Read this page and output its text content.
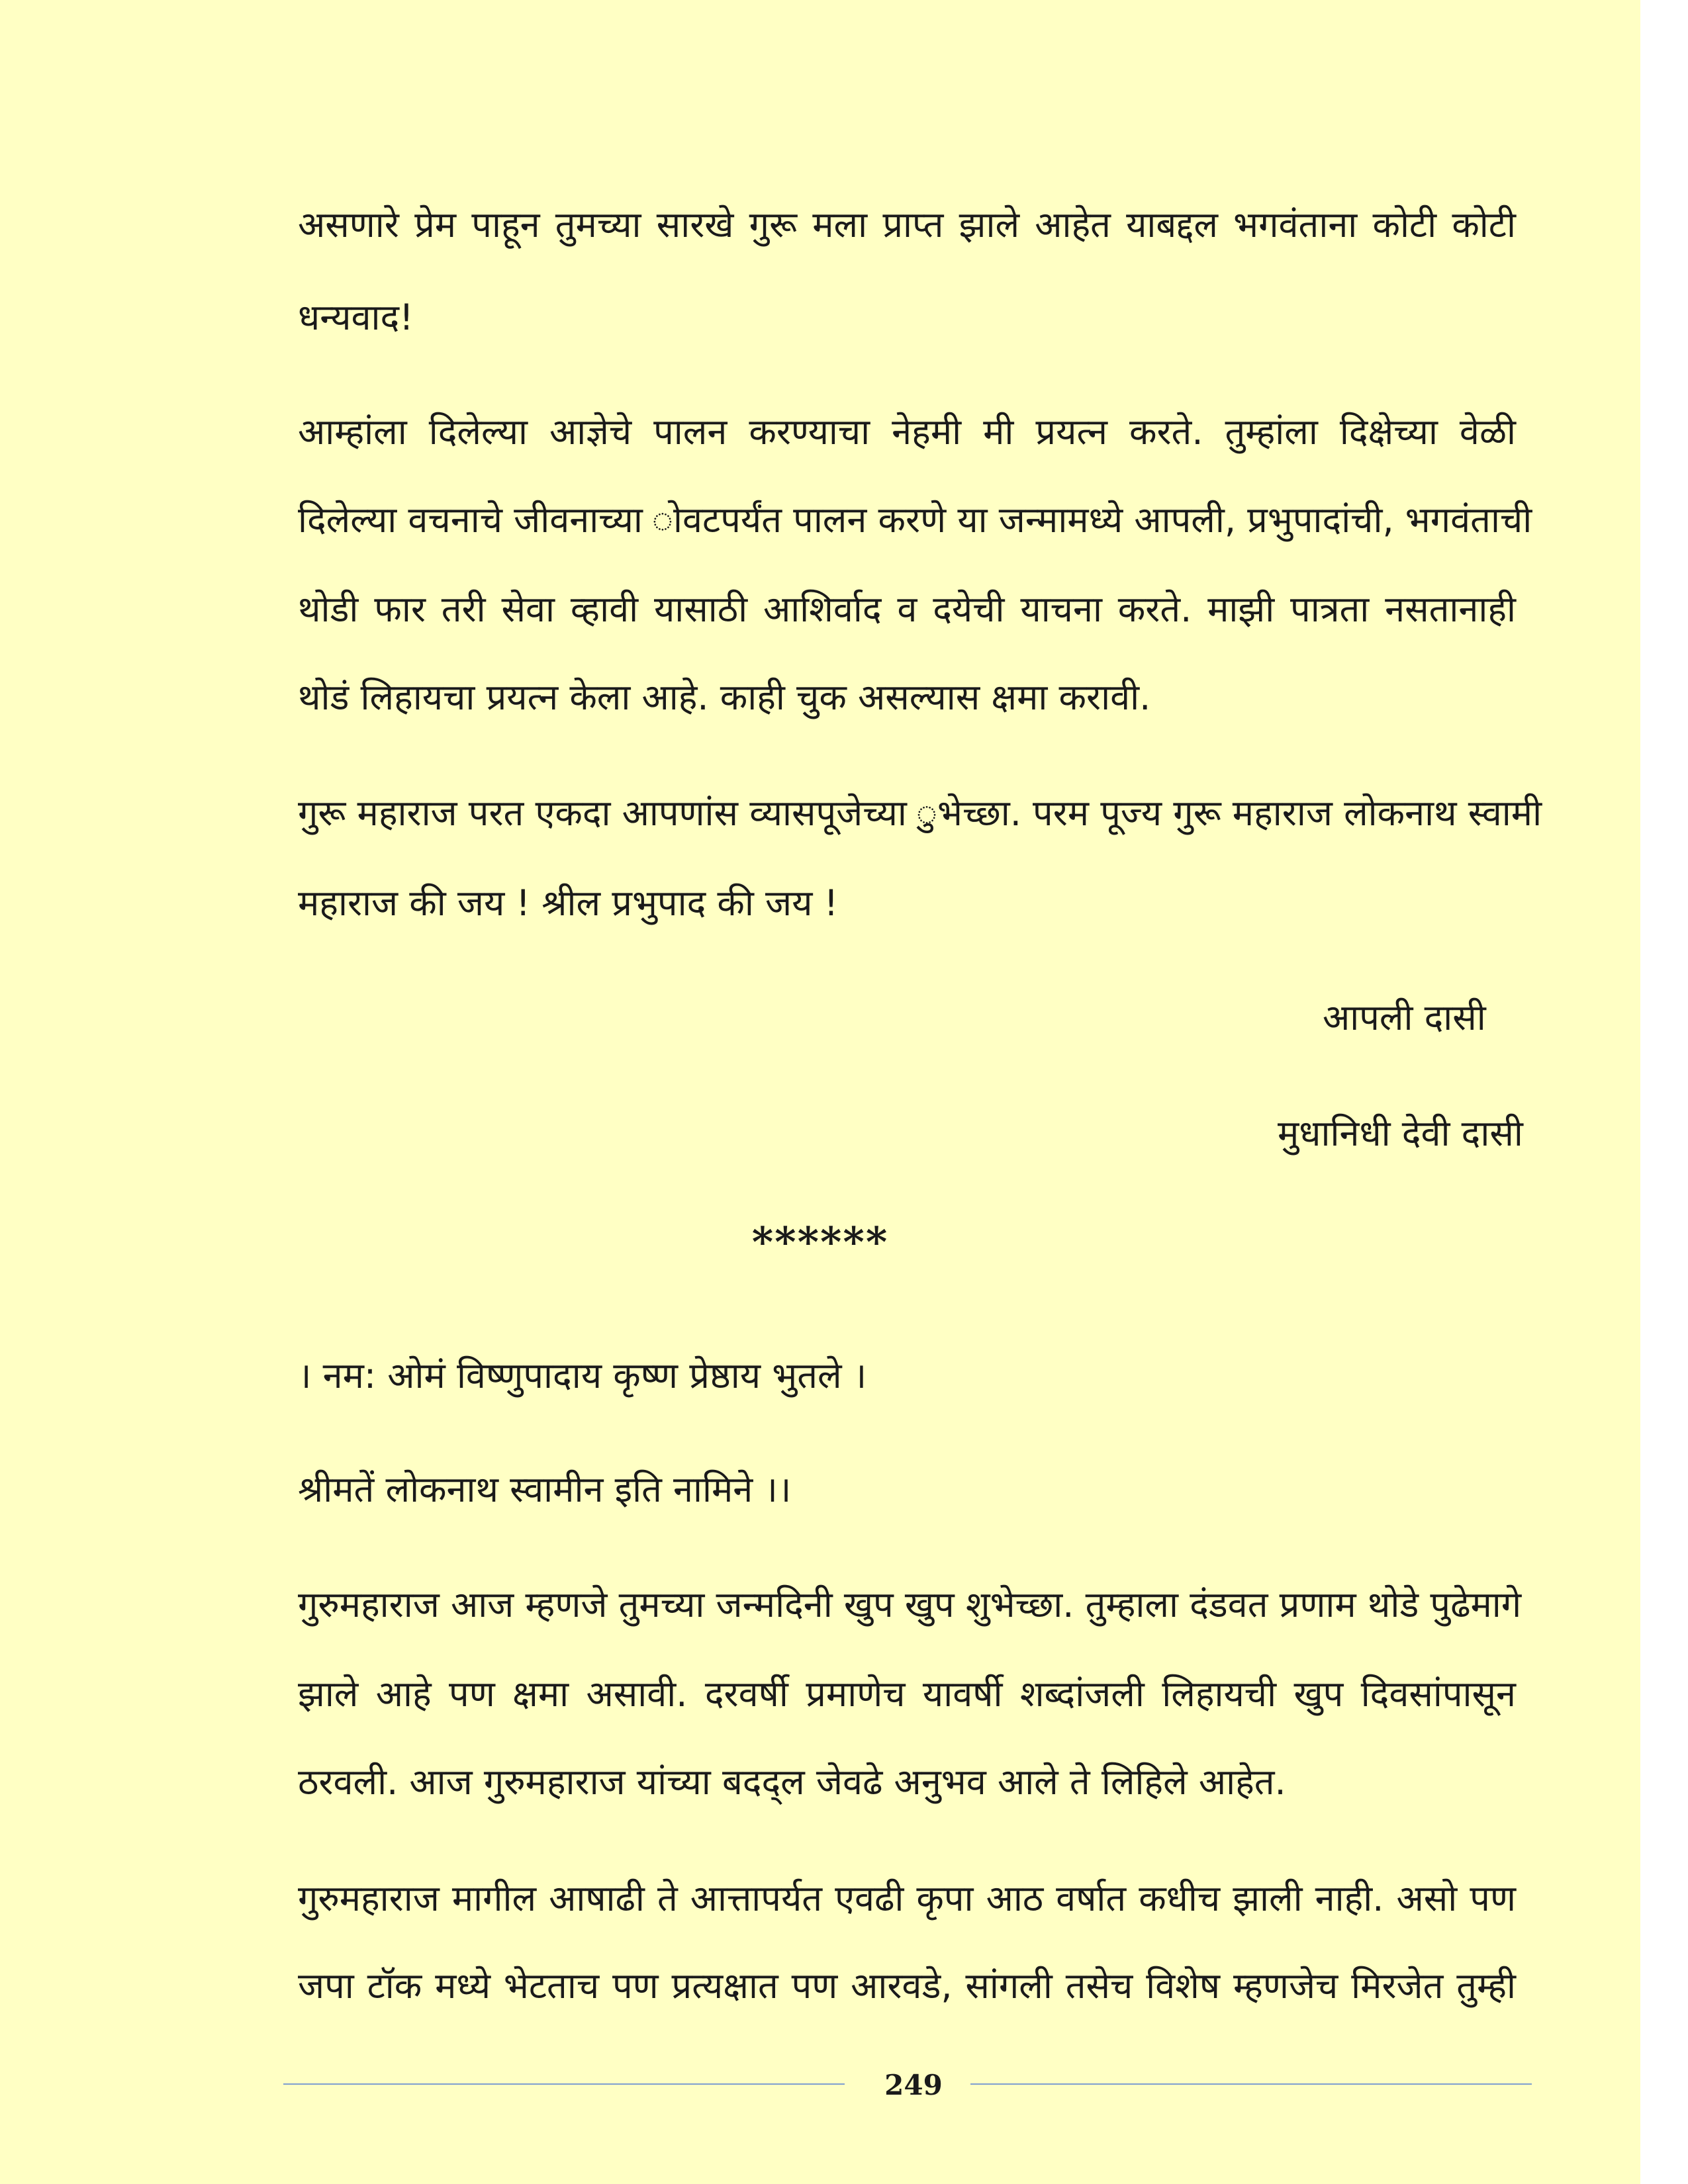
असणारे प्रेम पाहून तुमच्या सारखे गुरू मला प्राप्त झाले आहेत याबद्दल भगवंताना कोटी कोटी
धन्यवाद!
आम्हांला दिलेल्या आज्ञेचे पालन करण्याचा नेहमी मी प्रयत्न करते. तुम्हांला दिक्षेच्या वेळी
दिलेल्या वचनाचे जीवनाच्या ोवटपर्यंत पालन करणे या जन्मामध्ये आपली, प्रभुपादांची, भगवंताची
थोडी फार तरी सेवा व्हावी यासाठी आशिर्वाद व दयेची याचना करते. माझी पात्रता नसतानाही
थोडं लिहायचा प्रयत्न केला आहे. काही चुक असल्यास क्षमा करावी.
गुरू महाराज परत एकदा आपणांस व्यासपूजेच्या ुभेच्छा. परम पूज्य गुरू महाराज लोकनाथ स्वामी
महाराज की जय ! श्रील प्रभुपाद की जय !
आपली दासी
मुधानिधी देवी दासी
******
। नम: ओमं विष्णुपादाय कृष्ण प्रेष्ठाय भुतले ।
श्रीमतें लोकनाथ स्वामीन इति नामिने ।।
गुरुमहाराज आज म्हणजे तुमच्या जन्मदिनी खुप खुप शुभेच्छा. तुम्हाला दंडवत प्रणाम थोडे पुढेमागे
झाले आहे पण क्षमा असावी. दरवर्षी प्रमाणेच यावर्षी शब्दांजली लिहायची खुप दिवसांपासून
ठरवली. आज गुरुमहाराज यांच्या बदद्ल जेवढे अनुभव आले ते लिहिले आहेत.
गुरुमहाराज मागील आषाढी ते आत्तापर्यत एवढी कृपा आठ वर्षात कधीच झाली नाही. असो पण
जपा टॉक मध्ये भेटताच पण प्रत्यक्षात पण आरवडे, सांगली तसेच विशेष म्हणजेच मिरजेत तुम्ही
249
